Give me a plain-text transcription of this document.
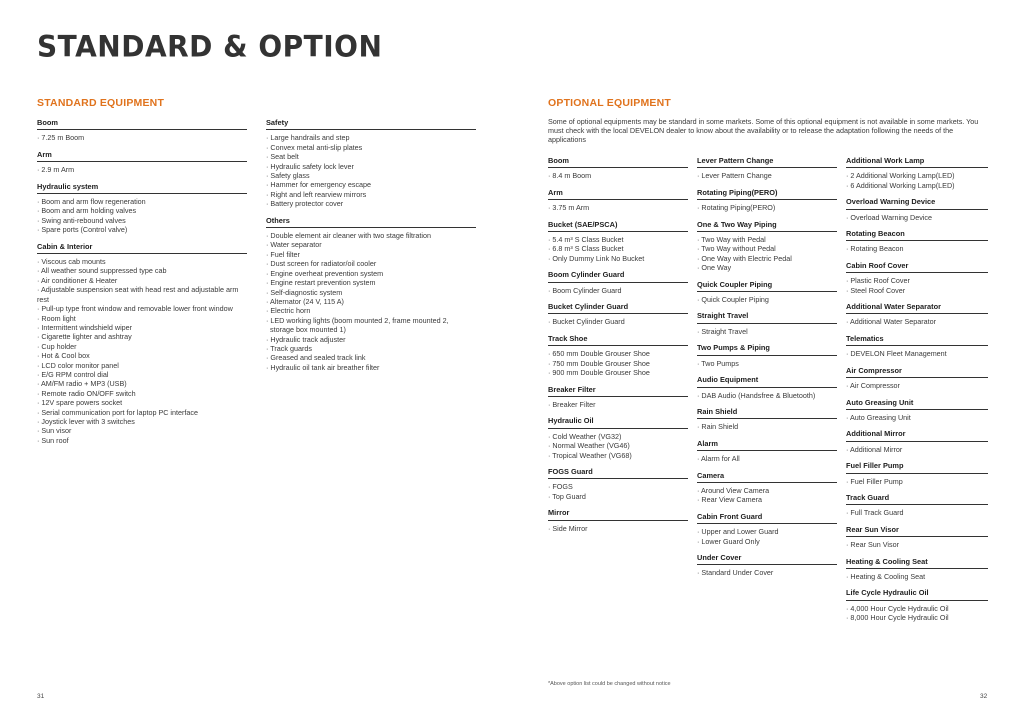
STANDARD & OPTION
STANDARD EQUIPMENT	OPTIONAL EQUIPMENT
Some of optional equipments may be standard in some markets. Some of this optional equipment is not available in some markets. You must check with the local DEVELON dealer to know about the availability or to release the adaptation following the needs of the applications
Boom
· 7.25 m Boom
Arm
· 2.9 m Arm
Hydraulic system
· Boom and arm flow regeneration
· Boom and arm holding valves
· Swing anti-rebound valves
· Spare ports (Control valve)
Cabin & Interior
· Viscous cab mounts
· All weather sound suppressed type cab
· Air conditioner & Heater
· Adjustable suspension seat with head rest and adjustable arm rest
· Pull-up type front window and removable lower front window
· Room light
· Intermittent windshield wiper
· Cigarette lighter and ashtray
· Cup holder
· Hot & Cool box
· LCD color monitor panel
· E/G RPM control dial
· AM/FM radio + MP3 (USB)
· Remote radio ON/OFF switch
· 12V spare powers socket
· Serial communication port for laptop PC interface
· Joystick lever with 3 switches
· Sun visor
· Sun roof
Safety
· Large handrails and step
· Convex metal anti-slip plates
· Seat belt
· Hydraulic safety lock lever
· Safety glass
· Hammer for emergency escape
· Right and left rearview mirrors
· Battery protector cover
Others
· Double element air cleaner with two stage filtration
· Water separator
· Fuel filter
· Dust screen for radiator/oil cooler
· Engine overheat prevention system
· Engine restart prevention system
· Self-diagnostic system
· Alternator (24 V, 115 A)
· Electric horn
· LED working lights (boom mounted 2, frame mounted 2,
storage box mounted 1)
· Hydraulic track adjuster
· Track guards
· Greased and sealed track link
· Hydraulic oil tank air breather filter
Boom
· 8.4 m Boom
Arm
· 3.75 m Arm
Bucket (SAE/PSCA)
· 5.4 m³ S Class Bucket
· 6.8 m³ S Class Bucket
· Only Dummy Link No Bucket
Boom Cylinder Guard
· Boom Cylinder Guard
Bucket Cylinder Guard
· Bucket Cylinder Guard
Track Shoe
· 650 mm Double Grouser Shoe
· 750 mm Double Grouser Shoe
· 900 mm Double Grouser Shoe
Breaker Filter
· Breaker Filter
Hydraulic Oil
· Cold Weather (VG32)
· Normal Weather (VG46)
· Tropical Weather (VG68)
FOGS Guard
· FOGS
· Top Guard
Mirror
· Side Mirror
Lever Pattern Change
· Lever Pattern Change
Rotating Piping(PERO)
· Rotating Piping(PERO)
One & Two Way Piping
· Two Way with Pedal
· Two Way without Pedal
· One Way with Electric Pedal
· One Way
Quick Coupler Piping
· Quick Coupler Piping
Straight Travel
· Straight Travel
Two Pumps & Piping
· Two Pumps
Audio Equipment
· DAB Audio (Handsfree & Bluetooth)
Rain Shield
· Rain Shield
Alarm
· Alarm for All
Camera
· Around View Camera
· Rear View Camera
Cabin Front Guard
· Upper and Lower Guard
· Lower Guard Only
Under Cover
· Standard Under Cover
Additional Work Lamp
· 2 Additional Working Lamp(LED)
· 6 Additional Working Lamp(LED)
Overload Warning Device
· Overload Warning Device
Rotating Beacon
· Rotating Beacon
Cabin Roof Cover
· Plastic Roof Cover
· Steel Roof Cover
Additional Water Separator
· Additional Water Separator
Telematics
· DEVELON Fleet Management
Air Compressor
· Air Compressor
Auto Greasing Unit
· Auto Greasing Unit
Additional Mirror
· Additional Mirror
Fuel Filler Pump
· Fuel Filler Pump
Track Guard
· Full Track Guard
Rear Sun Visor
· Rear Sun Visor
Heating & Cooling Seat
· Heating & Cooling Seat
Life Cycle Hydraulic Oil
· 4,000 Hour Cycle Hydraulic Oil
· 8,000 Hour Cycle Hydraulic Oil
*Above option list could be changed without notice
31	32
